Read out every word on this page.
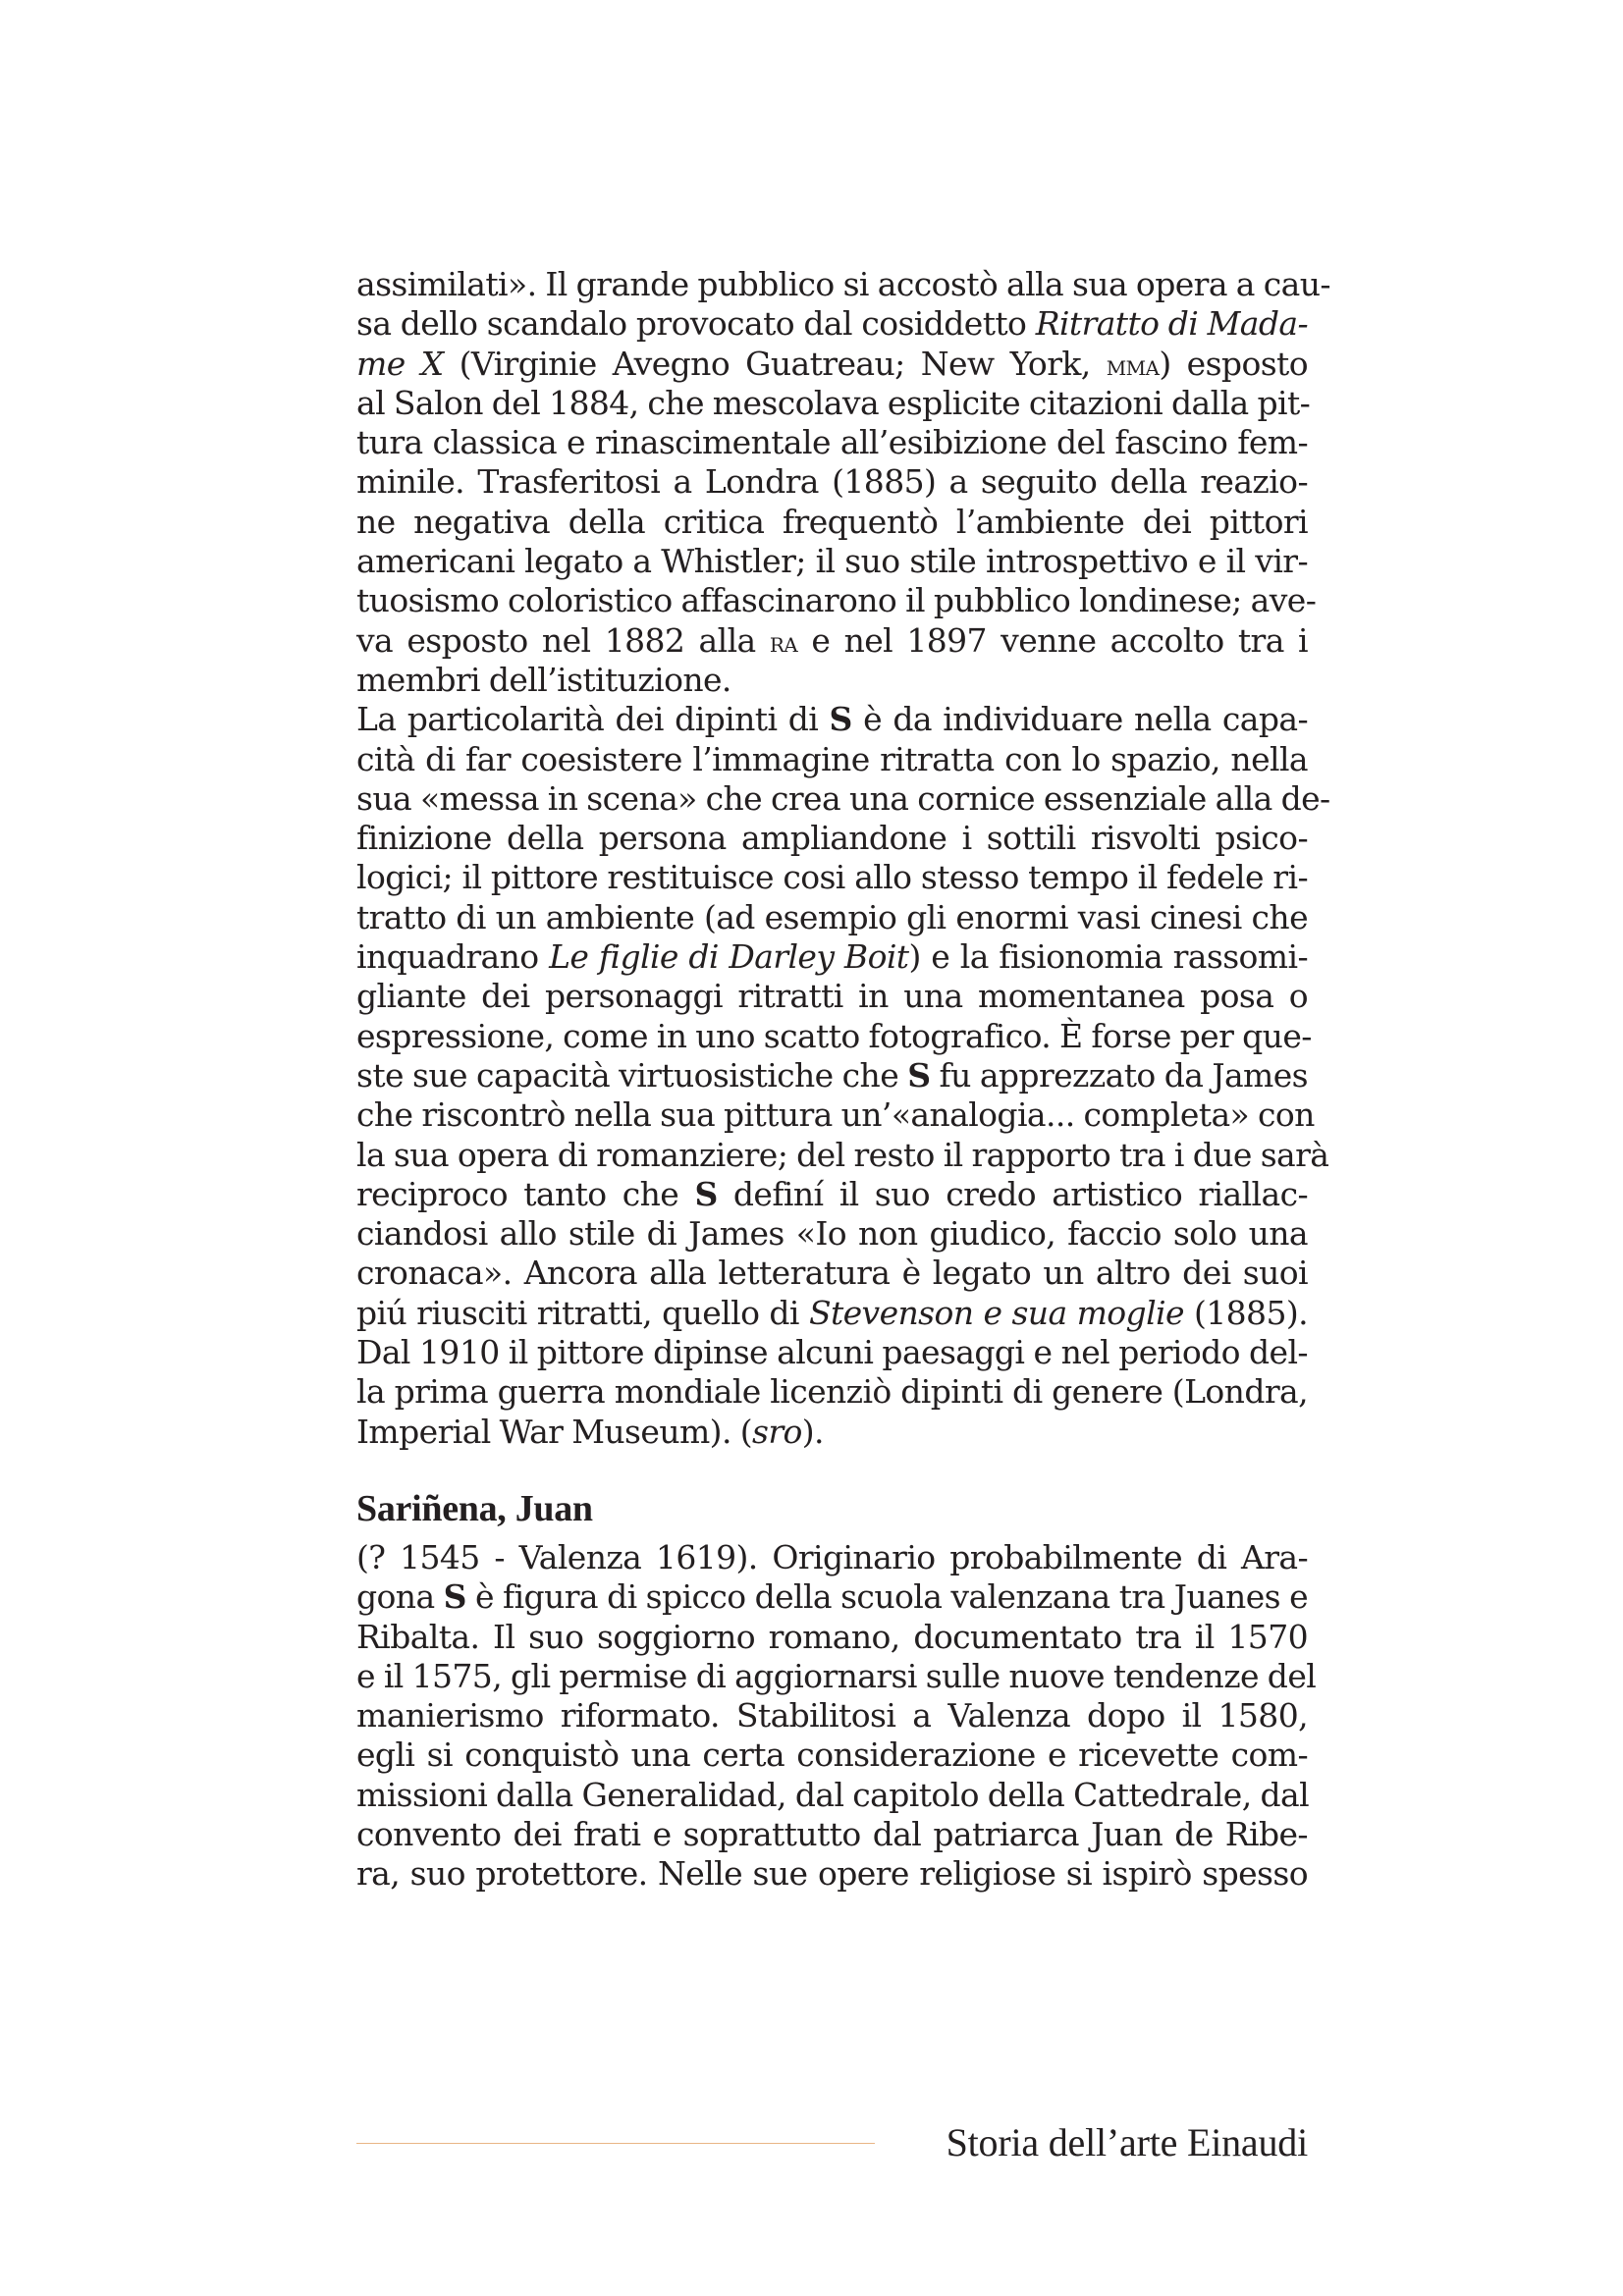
assimilati». Il grande pubblico si accostò alla sua opera a cau-
sa dello scandalo provocato dal cosiddetto Ritratto di Mada-
me X (Virginie Avegno Guatreau; New York, mma) esposto
al Salon del 1884, che mescolava esplicite citazioni dalla pit-
tura classica e rinascimentale all’esibizione del fascino fem-
minile. Trasferitosi a Londra (1885) a seguito della reazio-
ne negativa della critica frequentò l’ambiente dei pittori
americani legato a Whistler; il suo stile introspettivo e il vir-
tuosismo coloristico affascinarono il pubblico londinese; ave-
va esposto nel 1882 alla ra e nel 1897 venne accolto tra i
membri dell’istituzione.
La particolarità dei dipinti di S è da individuare nella capa-
cità di far coesistere l’immagine ritratta con lo spazio, nella
sua «messa in scena» che crea una cornice essenziale alla de-
finizione della persona ampliandone i sottili risvolti psico-
logici; il pittore restituisce cosi allo stesso tempo il fedele ri-
tratto di un ambiente (ad esempio gli enormi vasi cinesi che
inquadrano Le figlie di Darley Boit) e la fisionomia rassomi-
gliante dei personaggi ritratti in una momentanea posa o
espressione, come in uno scatto fotografico. È forse per que-
ste sue capacità virtuosistiche che S fu apprezzato da James
che riscontrò nella sua pittura un’«analogia... completa» con
la sua opera di romanziere; del resto il rapporto tra i due sarà
reciproco tanto che S definí il suo credo artistico riallac-
ciandosi allo stile di James «Io non giudico, faccio solo una
cronaca». Ancora alla letteratura è legato un altro dei suoi
piú riusciti ritratti, quello di Stevenson e sua moglie (1885).
Dal 1910 il pittore dipinse alcuni paesaggi e nel periodo del-
la prima guerra mondiale licenziò dipinti di genere (Londra,
Imperial War Museum). (sro).
Sariñena, Juan
(? 1545 - Valenza 1619). Originario probabilmente di Ara-
gona S è figura di spicco della scuola valenzana tra Juanes e
Ribalta. Il suo soggiorno romano, documentato tra il 1570
e il 1575, gli permise di aggiornarsi sulle nuove tendenze del
manierismo riformato. Stabilitosi a Valenza dopo il 1580,
egli si conquistò una certa considerazione e ricevette com-
missioni dalla Generalidad, dal capitolo della Cattedrale, dal
convento dei frati e soprattutto dal patriarca Juan de Ribe-
ra, suo protettore. Nelle sue opere religiose si ispirò spesso
Storia dell’arte Einaudi
